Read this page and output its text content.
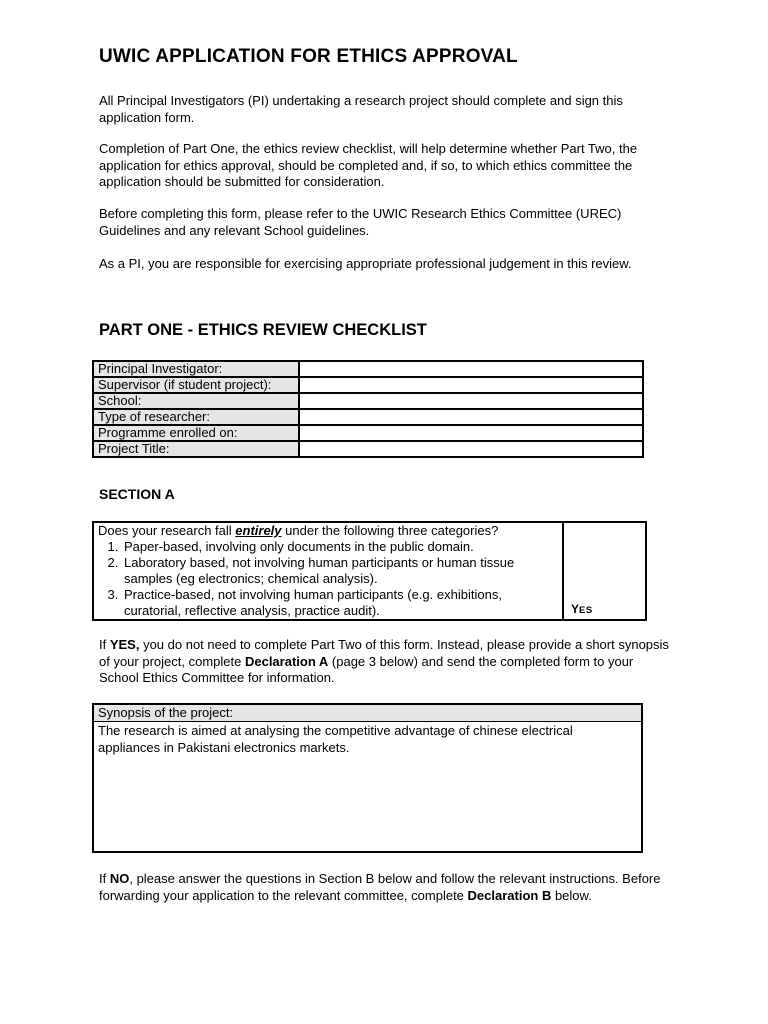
UWIC APPLICATION FOR ETHICS APPROVAL
All Principal Investigators (PI) undertaking a research project should complete and sign this application form.
Completion of Part One, the ethics review checklist, will help determine whether Part Two, the application for ethics approval, should be completed and, if so, to which ethics committee the application should be submitted for consideration.
Before completing this form, please refer to the UWIC Research Ethics Committee (UREC) Guidelines and any relevant School guidelines.
As a PI, you are responsible for exercising appropriate professional judgement in this review.
PART ONE - ETHICS REVIEW CHECKLIST
Principal Investigator:	
Supervisor (if student project):	
School:	
Type of researcher:	
Programme enrolled on:	
Project Title:	
SECTION A
Does your research fall entirely under the following three categories?
1. Paper-based, involving only documents in the public domain.
2. Laboratory based, not involving human participants or human tissue samples (eg electronics; chemical analysis).
3. Practice-based, not involving human participants (e.g. exhibitions, curatorial, reflective analysis, practice audit).	YES
If YES, you do not need to complete Part Two of this form. Instead, please provide a short synopsis of your project, complete Declaration A (page 3 below) and send the completed form to your School Ethics Committee for information.
Synopsis of the project:
The research is aimed at analysing the competitive advantage of chinese electrical appliances in Pakistani electronics markets.
If NO, please answer the questions in Section B below and follow the relevant instructions. Before forwarding your application to the relevant committee, complete Declaration B below.
